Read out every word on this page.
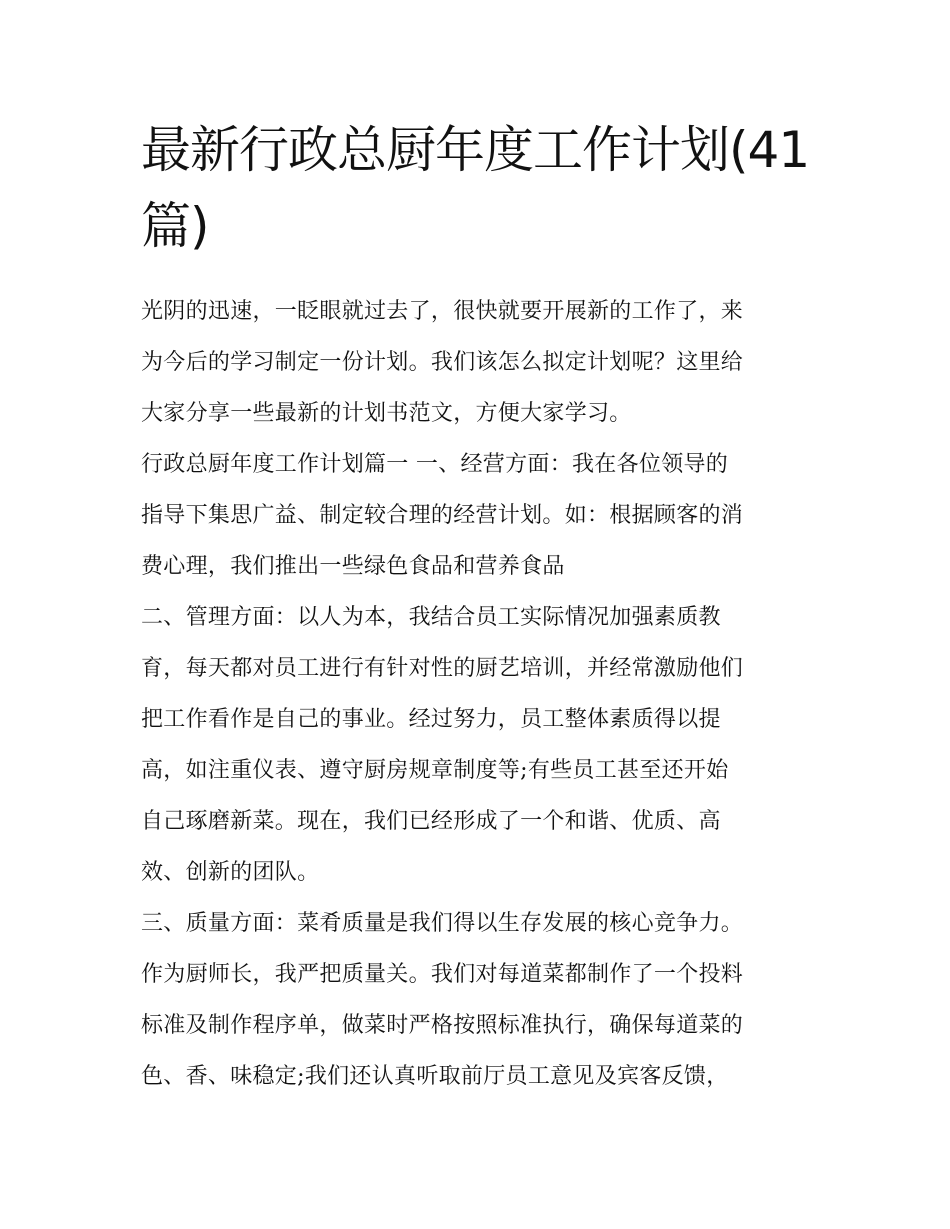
最新行政总厨年度工作计划(41
篇)
光阴的迅速，一眨眼就过去了，很快就要开展新的工作了，来
为今后的学习制定一份计划。我们该怎么拟定计划呢？这里给
大家分享一些最新的计划书范文，方便大家学习。
行政总厨年度工作计划篇一 一、经营方面：我在各位领导的
指导下集思广益、制定较合理的经营计划。如：根据顾客的消
费心理，我们推出一些绿色食品和营养食品
二、管理方面：以人为本，我结合员工实际情况加强素质教
育，每天都对员工进行有针对性的厨艺培训，并经常激励他们
把工作看作是自己的事业。经过努力，员工整体素质得以提
高，如注重仪表、遵守厨房规章制度等;有些员工甚至还开始
自己琢磨新菜。现在，我们已经形成了一个和谐、优质、高
效、创新的团队。
三、质量方面：菜肴质量是我们得以生存发展的核心竞争力。
作为厨师长，我严把质量关。我们对每道菜都制作了一个投料
标准及制作程序单，做菜时严格按照标准执行，确保每道菜的
色、香、味稳定;我们还认真听取前厅员工意见及宾客反馈，
